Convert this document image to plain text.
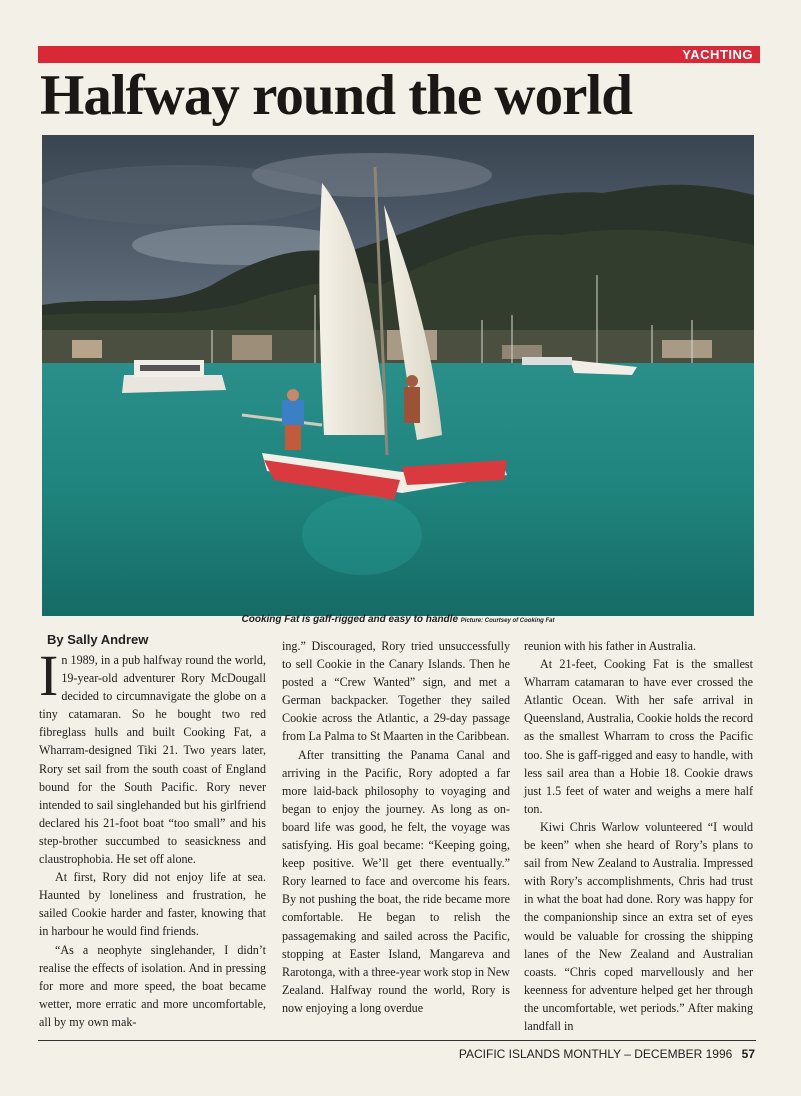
YACHTING
Halfway round the world
Cooking Fat is gaff-rigged and easy to handle Picture: Courtsey of Cooking Fat
By Sally Andrew

In 1989, in a pub halfway round the world, 19-year-old adventurer Rory McDougall decided to circumnavigate the globe on a tiny catamaran. So he bought two red fibreglass hulls and built Cooking Fat, a Wharram-designed Tiki 21. Two years later, Rory set sail from the south coast of England bound for the South Pacific. Rory never intended to sail singlehanded but his girlfriend declared his 21-foot boat “too small” and his step-brother succumbed to seasickness and claustrophobia. He set off alone.

At first, Rory did not enjoy life at sea. Haunted by loneliness and frustration, he sailed Cookie harder and faster, knowing that in harbour he would find friends.

“As a neophyte singlehander, I didn’t realise the effects of isolation. And in pressing for more and more speed, the boat became wetter, more erratic and more uncomfortable, all by my own mak-

ing.” Discouraged, Rory tried unsuccessfully to sell Cookie in the Canary Islands. Then he posted a “Crew Wanted” sign, and met a German backpacker. Together they sailed Cookie across the Atlantic, a 29-day passage from La Palma to St Maarten in the Caribbean.

After transitting the Panama Canal and arriving in the Pacific, Rory adopted a far more laid-back philosophy to voyaging and began to enjoy the journey. As long as on-board life was good, he felt, the voyage was satisfying. His goal became: “Keeping going, keep positive. We’ll get there eventually.” Rory learned to face and overcome his fears. By not pushing the boat, the ride became more comfortable. He began to relish the passagemaking and sailed across the Pacific, stopping at Easter Island, Mangareva and Rarotonga, with a three-year work stop in New Zealand. Halfway round the world, Rory is now enjoying a long overdue

reunion with his father in Australia.

At 21-feet, Cooking Fat is the smallest Wharram catamaran to have ever crossed the Atlantic Ocean. With her safe arrival in Queensland, Australia, Cookie holds the record as the smallest Wharram to cross the Pacific too. She is gaff-rigged and easy to handle, with less sail area than a Hobie 18. Cookie draws just 1.5 feet of water and weighs a mere half ton.

Kiwi Chris Warlow volunteered “I would be keen” when she heard of Rory’s plans to sail from New Zealand to Australia. Impressed with Rory’s accomplishments, Chris had trust in what the boat had done. Rory was happy for the companionship since an extra set of eyes would be valuable for crossing the shipping lanes of the New Zealand and Australian coasts. “Chris coped marvellously and her keenness for adventure helped get her through the uncomfortable, wet periods.” After making landfall in

PACIFIC ISLANDS MONTHLY – DECEMBER 1996 57
